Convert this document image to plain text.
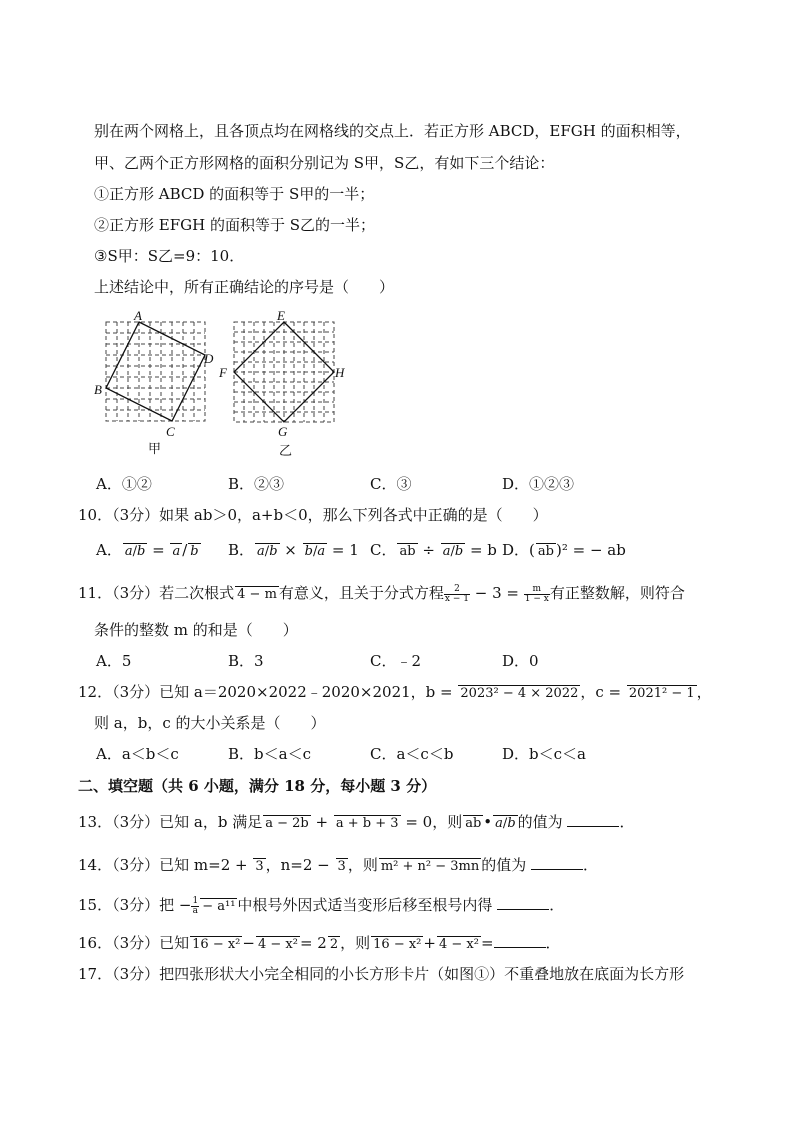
别在两个网格上，且各顶点均在网格线的交点上．若正方形 ABCD，EFGH 的面积相等，
甲、乙两个正方形网格的面积分别记为 S甲，S乙，有如下三个结论：
①正方形 ABCD 的面积等于 S甲的一半；
②正方形 EFGH 的面积等于 S乙的一半；
③S甲：S乙=9：10．
上述结论中，所有正确结论的序号是（　　）
A
B
C
D
E
F
G
H
甲	乙
A．①②	B．②③	C．③	D．①②③
10．（3分）如果 ab＞0，a+b＜0，那么下列各式中正确的是（　　）
A． a/b = a / b B． a/b × b/a = 1 C． ab ÷ a/b = b D．( ab )² = − ab
11．（3分）若二次根式 4 − m 有意义，且关于分式方程 $\frac{2}{x - 1} - 3 = \frac{m}{1 - x}$ 有正整数解，则符合
条件的整数 m 的和是（　　）
A．5	B．3	C．﹣2	D．0
12．（3分）已知 a＝2020×2022﹣2020×2021，b = 2023² − 4 × 2022 ，c = 2021² − 1 ，
则 a，b，c 的大小关系是（　　）
A．a＜b＜c	B．b＜a＜c	C．a＜c＜b	D．b＜c＜a
二、填空题（共 6 小题，满分 18 分，每小题 3 分）
13．（3分）已知 a，b 满足 a − 2b + a + b + 3 = 0，则 ab • a/b 的值为	．
14．（3分）已知 m=2 + 3 ，n=2 − 3 ，则 m² + n² − 3mn 的值为	．
15．（3分）把 − $\frac{1}{a} - a^{11}$ 中根号外因式适当变形后移至根号内得	．
16．（3分）已知 16 − x² − 4 − x² = 2 2 ，则 16 − x² + 4 − x² =	．
17．（3分）把四张形状大小完全相同的小长方形卡片（如图①）不重叠地放在底面为长方形
